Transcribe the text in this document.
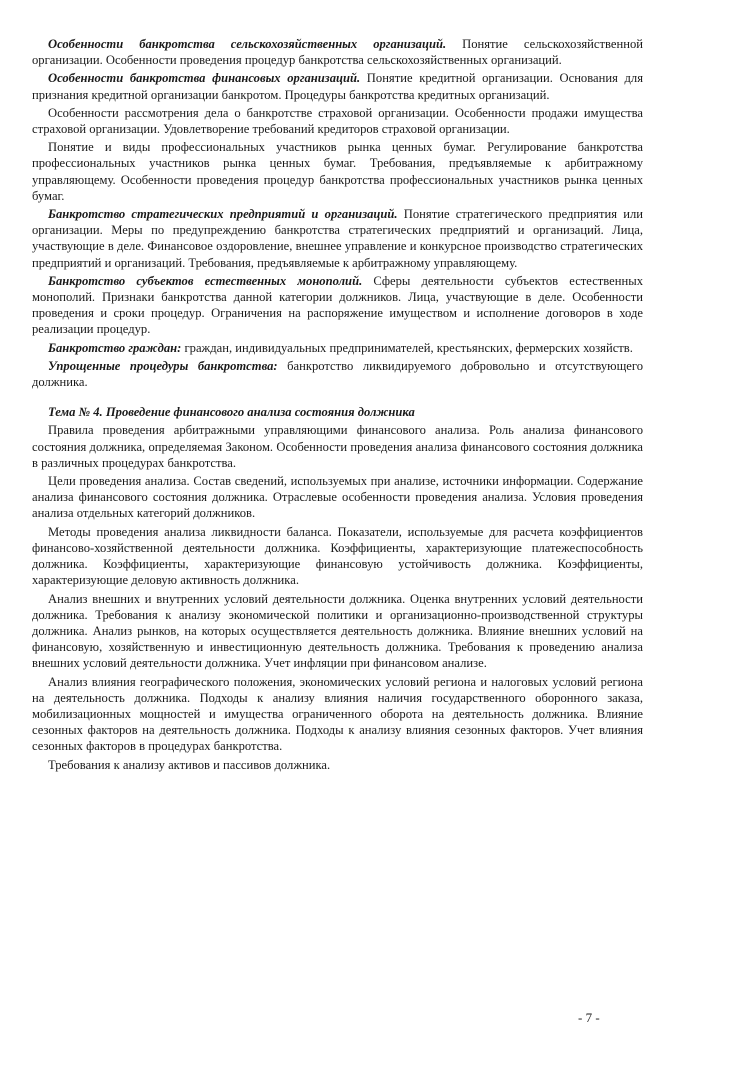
Особенности банкротства сельскохозяйственных организаций. Понятие сельскохозяйственной организации. Особенности проведения процедур банкротства сельскохозяйственных организаций.

Особенности банкротства финансовых организаций. Понятие кредитной организации. Основания для признания кредитной организации банкротом. Процедуры банкротства кредитных организаций.

Особенности рассмотрения дела о банкротстве страховой организации. Особенности продажи имущества страховой организации. Удовлетворение требований кредиторов страховой организации.

Понятие и виды профессиональных участников рынка ценных бумаг. Регулирование банкротства профессиональных участников рынка ценных бумаг. Требования, предъявляемые к арбитражному управляющему. Особенности проведения процедур банкротства профессиональных участников рынка ценных бумаг.

Банкротство стратегических предприятий и организаций. Понятие стратегического предприятия или организации. Меры по предупреждению банкротства стратегических предприятий и организаций. Лица, участвующие в деле. Финансовое оздоровление, внешнее управление и конкурсное производство стратегических предприятий и организаций. Требования, предъявляемые к арбитражному управляющему.

Банкротство субъектов естественных монополий. Сферы деятельности субъектов естественных монополий. Признаки банкротства данной категории должников. Лица, участвующие в деле. Особенности проведения и сроки процедур. Ограничения на распоряжение имуществом и исполнение договоров в ходе реализации процедур.

Банкротство граждан: граждан, индивидуальных предпринимателей, крестьянских, фермерских хозяйств.

Упрощенные процедуры банкротства: банкротство ликвидируемого добровольно и отсутствующего должника.

Тема № 4. Проведение финансового анализа состояния должника

Правила проведения арбитражными управляющими финансового анализа. Роль анализа финансового состояния должника, определяемая Законом. Особенности проведения анализа финансового состояния должника в различных процедурах банкротства.

Цели проведения анализа. Состав сведений, используемых при анализе, источники информации. Содержание анализа финансового состояния должника. Отраслевые особенности проведения анализа. Условия проведения анализа отдельных категорий должников.

Методы проведения анализа ликвидности баланса. Показатели, используемые для расчета коэффициентов финансово-хозяйственной деятельности должника. Коэффициенты, характеризующие платежеспособность должника. Коэффициенты, характеризующие финансовую устойчивость должника. Коэффициенты, характеризующие деловую активность должника.

Анализ внешних и внутренних условий деятельности должника. Оценка внутренних условий деятельности должника. Требования к анализу экономической политики и организационно-производственной структуры должника. Анализ рынков, на которых осуществляется деятельность должника. Влияние внешних условий на финансовую, хозяйственную и инвестиционную деятельность должника. Требования к проведению анализа внешних условий деятельности должника. Учет инфляции при финансовом анализе.

Анализ влияния географического положения, экономических условий региона и налоговых условий региона на деятельность должника. Подходы к анализу влияния наличия государственного оборонного заказа, мобилизационных мощностей и имущества ограниченного оборота на деятельность должника. Влияние сезонных факторов на деятельность должника. Подходы к анализу влияния сезонных факторов. Учет влияния сезонных факторов в процедурах банкротства.

Требования к анализу активов и пассивов должника.

- 7 -
